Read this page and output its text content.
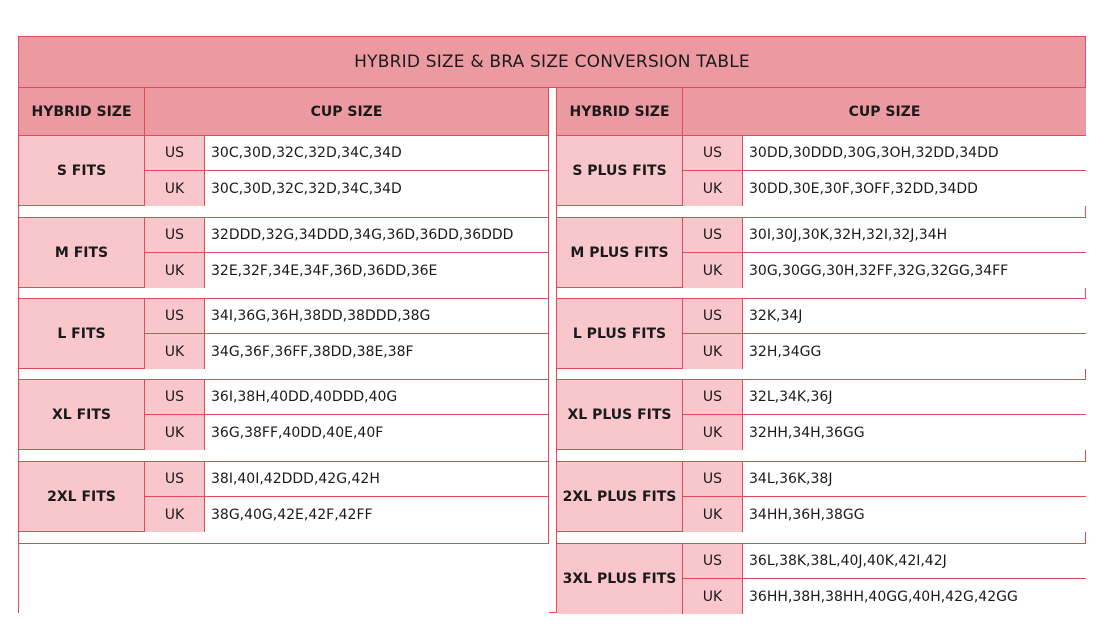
HYBRID SIZE & BRA SIZE CONVERSION TABLE
HYBRID SIZE	CUP SIZE
S FITS
US	30C,30D,32C,32D,34C,34D
UK	30C,30D,32C,32D,34C,34D
M FITS
US	32DDD,32G,34DDD,34G,36D,36DD,36DDD
UK	32E,32F,34E,34F,36D,36DD,36E
L FITS
US	34I,36G,36H,38DD,38DDD,38G
UK	34G,36F,36FF,38DD,38E,38F
XL FITS
US	36I,38H,40DD,40DDD,40G
UK	36G,38FF,40DD,40E,40F
2XL FITS
US	38I,40I,42DDD,42G,42H
UK	38G,40G,42E,42F,42FF
HYBRID SIZE	CUP SIZE
S PLUS FITS
US	30DD,30DDD,30G,3OH,32DD,34DD
UK	30DD,30E,30F,3OFF,32DD,34DD
M PLUS FITS
US	30I,30J,30K,32H,32I,32J,34H
UK	30G,30GG,30H,32FF,32G,32GG,34FF
L PLUS FITS
US	32K,34J
UK	32H,34GG
XL PLUS FITS
US	32L,34K,36J
UK	32HH,34H,36GG
2XL PLUS FITS
US	34L,36K,38J
UK	34HH,36H,38GG
3XL PLUS FITS
US	36L,38K,38L,40J,40K,42I,42J
UK	36HH,38H,38HH,40GG,40H,42G,42GG
